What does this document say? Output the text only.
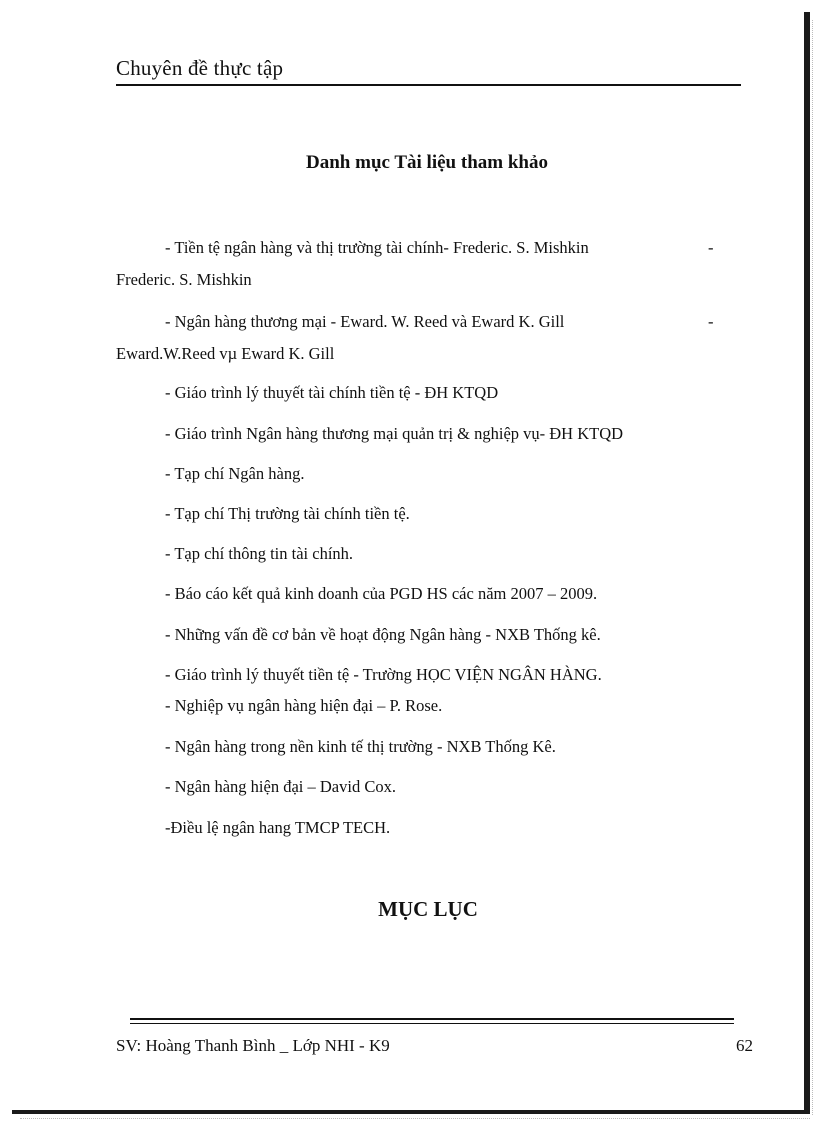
Chuyên đề thực tập
Danh mục Tài liệu tham khảo
- Tiền tệ ngân hàng và thị trường tài chính- Frederic. S. Mishkin	-
Frederic. S. Mishkin
- Ngân hàng thương mại - Eward. W. Reed và Eward K. Gill	-
Eward.W.Reed vµ Eward K. Gill
- Giáo trình lý thuyết tài chính tiền tệ - ĐH KTQD
- Giáo trình Ngân hàng thương mại quản trị & nghiệp vụ- ĐH KTQD
- Tạp chí Ngân hàng.
- Tạp chí Thị trường tài chính tiền tệ.
- Tạp chí thông tin tài chính.
- Báo cáo kết quả kinh doanh của PGD HS các năm 2007 – 2009.
- Những vấn đề cơ bản về hoạt động Ngân hàng - NXB Thống kê.
- Giáo trình lý thuyết tiền tệ - Trường HỌC VIỆN NGÂN HÀNG.
- Nghiệp vụ ngân hàng hiện đại – P. Rose.
- Ngân hàng trong nền kinh tế thị trường - NXB Thống Kê.
- Ngân hàng hiện đại – David Cox.
-Điều lệ ngân hang TMCP TECH.
MỤC LỤC
SV: Hoàng Thanh Bình _ Lớp NHI - K9	62
